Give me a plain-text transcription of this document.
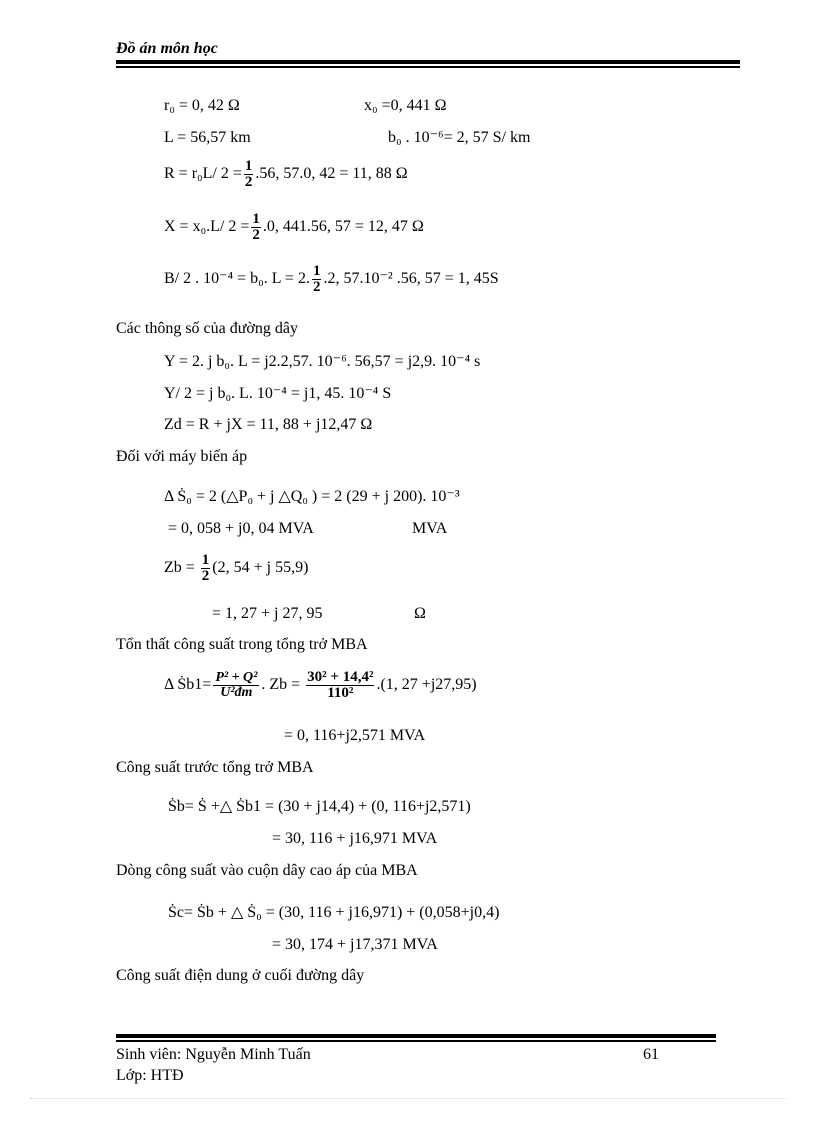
Đồ án môn học
r₀ = 0, 42 Ω	x₀ =0, 441 Ω
L = 56,57 km	b₀ . 10⁻⁶= 2, 57 S/ km
R = r₀L/ $2 = \frac{1}{2} .56$, 57.0, 42 = 11, 88 Ω
X = x₀.L/ $2 = \frac{1}{2} .0$, 441.56, 57 = 12, 47 Ω
B/ 2 . 10⁻⁴ = b₀. L = 2. $\frac{1}{2} .2$, 57.10⁻² .56, 57 = 1, 45S
Các thông số của đường dây
Y = 2. j b₀. L = j2.2,57. 10⁻⁶. 56,57 = j2,9. 10⁻⁴ s
Y/ 2 = j b₀. L. 10⁻⁴ = j1, 45. 10⁻⁴ S
Zd = R + jX = 11, 88 + j12,47 Ω
Đối với máy biến áp
Δ Ṡ₀ = 2 (△P₀ + j △Q₀ ) = 2 (29 + j 200). 10⁻³
= 0, 058 + j0, 04 MVA	MVA
$Zb = \frac{1}{2} (2$, 54 + j 55,9)
= 1, 27 + j 27, 95	Ω
Tổn thất công suất trong tổng trở MBA
Δ Ṡb1= $\frac{\text{P² + Q²}}{\text{U²đm}}$ . $Zb = \frac{\text{30² + 14,4²}}{\text{110²}} .(1$, 27 +j27,95)
= 0, 116+j2,571 MVA
Công suất trước tổng trở MBA
Ṡb= Ṡ +△ Ṡb1 = (30 + j14,4) + (0, 116+j2,571)
= 30, 116 + j16,971 MVA
Dòng công suất vào cuộn dây cao áp của MBA
Ṡc= Ṡb + △ Ṡ₀ = (30, 116 + j16,971) + (0,058+j0,4)
= 30, 174 + j17,371 MVA
Công suất điện dung ở cuối đường dây
Sinh viên: Nguyễn Minh Tuấn	61
Lớp: HTĐ
